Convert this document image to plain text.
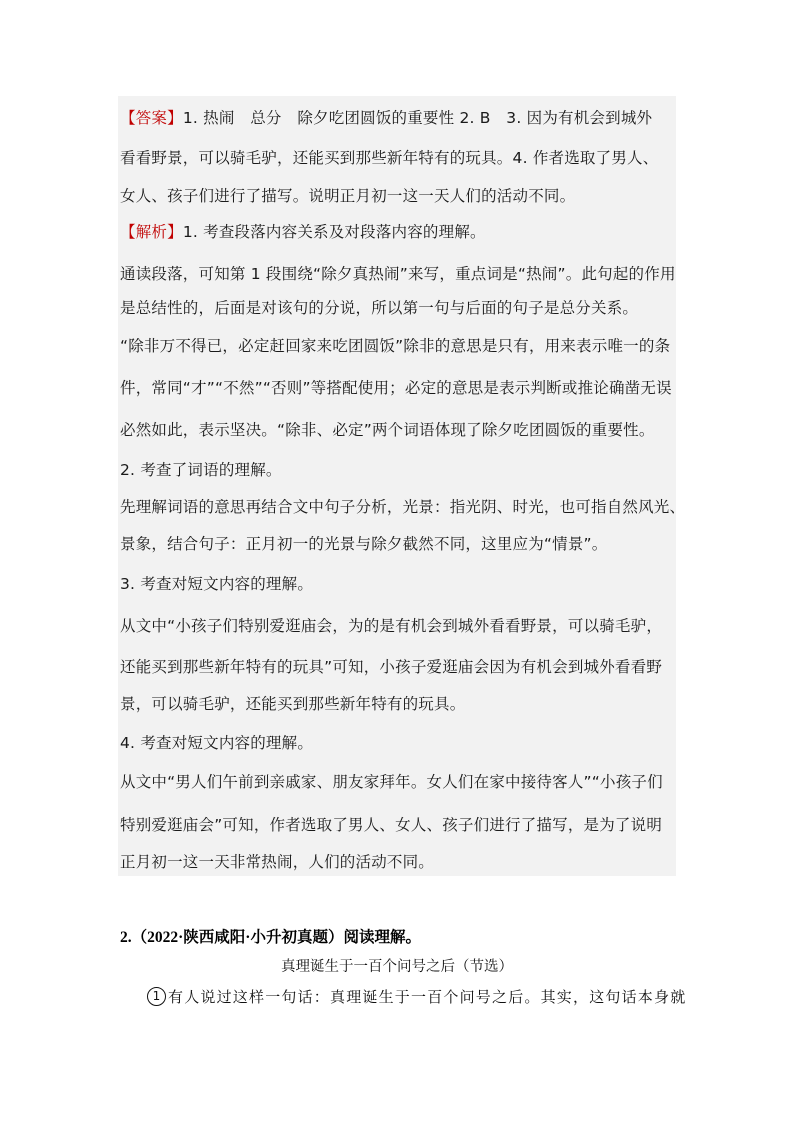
【答案】1. 热闹　总分　除夕吃团圆饭的重要性 2. B　3. 因为有机会到城外
看看野景，可以骑毛驴，还能买到那些新年特有的玩具。4. 作者选取了男人、
女人、孩子们进行了描写。说明正月初一这一天人们的活动不同。
【解析】1. 考查段落内容关系及对段落内容的理解。
通读段落，可知第 1 段围绕“除夕真热闹”来写，重点词是“热闹”。此句起的作用
是总结性的，后面是对该句的分说，所以第一句与后面的句子是总分关系。
“除非万不得已，必定赶回家来吃团圆饭”除非的意思是只有，用来表示唯一的条
件，常同“才”“不然”“否则”等搭配使用；必定的意思是表示判断或推论确凿无误
必然如此，表示坚决。“除非、必定”两个词语体现了除夕吃团圆饭的重要性。
2. 考查了词语的理解。
先理解词语的意思再结合文中句子分析，光景：指光阴、时光，也可指自然风光、
景象，结合句子：正月初一的光景与除夕截然不同，这里应为“情景”。
3. 考查对短文内容的理解。
从文中“小孩子们特别爱逛庙会，为的是有机会到城外看看野景，可以骑毛驴，
还能买到那些新年特有的玩具”可知，小孩子爱逛庙会因为有机会到城外看看野
景，可以骑毛驴，还能买到那些新年特有的玩具。
4. 考查对短文内容的理解。
从文中“男人们午前到亲戚家、朋友家拜年。女人们在家中接待客人”“小孩子们
特别爱逛庙会”可知，作者选取了男人、女人、孩子们进行了描写，是为了说明
正月初一这一天非常热闹，人们的活动不同。
2.（2022·陕西咸阳·小升初真题）阅读理解。
真理诞生于一百个问号之后（节选）
1 有人说过这样一句话：真理诞生于一百个问号之后。其实，这句话本身就
